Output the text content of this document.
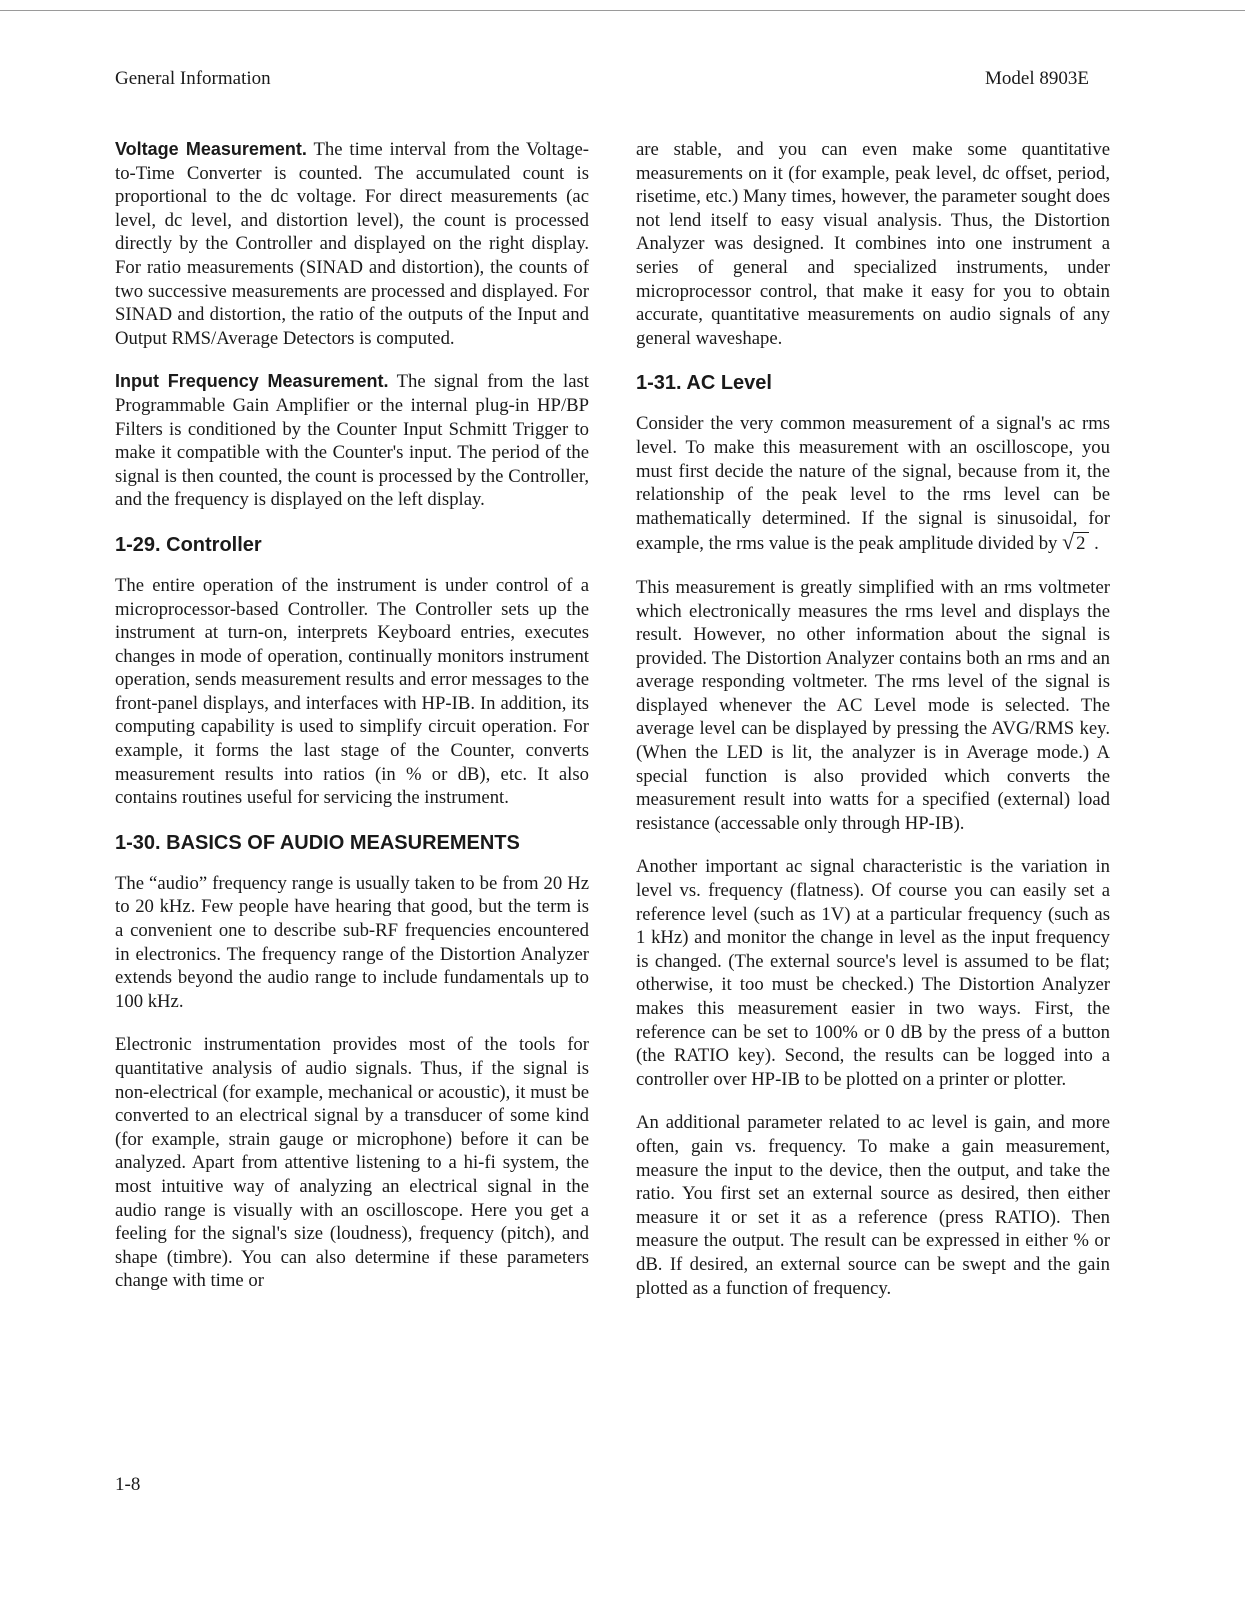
General Information	Model 8903E

Voltage Measurement. The time interval from the Voltage-to-Time Converter is counted. The accumulated count is proportional to the dc voltage. For direct measurements (ac level, dc level, and distortion level), the count is processed directly by the Controller and displayed on the right display. For ratio measurements (SINAD and distortion), the counts of two successive measurements are processed and displayed. For SINAD and distortion, the ratio of the outputs of the Input and Output RMS/Average Detectors is computed.

Input Frequency Measurement. The signal from the last Programmable Gain Amplifier or the internal plug-in HP/BP Filters is conditioned by the Counter Input Schmitt Trigger to make it compatible with the Counter's input. The period of the signal is then counted, the count is processed by the Controller, and the frequency is displayed on the left display.

1-29. Controller

The entire operation of the instrument is under control of a microprocessor-based Controller. The Controller sets up the instrument at turn-on, interprets Keyboard entries, executes changes in mode of operation, continually monitors instrument operation, sends measurement results and error messages to the front-panel displays, and interfaces with HP-IB. In addition, its computing capability is used to simplify circuit operation. For example, it forms the last stage of the Counter, converts measurement results into ratios (in % or dB), etc. It also contains routines useful for servicing the instrument.

1-30. BASICS OF AUDIO MEASUREMENTS

The “audio” frequency range is usually taken to be from 20 Hz to 20 kHz. Few people have hearing that good, but the term is a convenient one to describe sub-RF frequencies encountered in electronics. The frequency range of the Distortion Analyzer extends beyond the audio range to include fundamentals up to 100 kHz.

Electronic instrumentation provides most of the tools for quantitative analysis of audio signals. Thus, if the signal is non-electrical (for example, mechanical or acoustic), it must be converted to an electrical signal by a transducer of some kind (for example, strain gauge or microphone) before it can be analyzed. Apart from attentive listening to a hi-fi system, the most intuitive way of analyzing an electrical signal in the audio range is visually with an oscilloscope. Here you get a feeling for the signal's size (loudness), frequency (pitch), and shape (timbre). You can also determine if these parameters change with time or

are stable, and you can even make some quantitative measurements on it (for example, peak level, dc offset, period, risetime, etc.) Many times, however, the parameter sought does not lend itself to easy visual analysis. Thus, the Distortion Analyzer was designed. It combines into one instrument a series of general and specialized instruments, under microprocessor control, that make it easy for you to obtain accurate, quantitative measurements on audio signals of any general waveshape.

1-31. AC Level

Consider the very common measurement of a signal's ac rms level. To make this measurement with an oscilloscope, you must first decide the nature of the signal, because from it, the relationship of the peak level to the rms level can be mathematically determined. If the signal is sinusoidal, for example, the rms value is the peak amplitude divided by √ 2 .

This measurement is greatly simplified with an rms voltmeter which electronically measures the rms level and displays the result. However, no other information about the signal is provided. The Distortion Analyzer contains both an rms and an average responding voltmeter. The rms level of the signal is displayed whenever the AC Level mode is selected. The average level can be displayed by pressing the AVG/RMS key. (When the LED is lit, the analyzer is in Average mode.) A special function is also provided which converts the measurement result into watts for a specified (external) load resistance (accessable only through HP-IB).

Another important ac signal characteristic is the variation in level vs. frequency (flatness). Of course you can easily set a reference level (such as 1V) at a particular frequency (such as 1 kHz) and monitor the change in level as the input frequency is changed. (The external source's level is assumed to be flat; otherwise, it too must be checked.) The Distortion Analyzer makes this measurement easier in two ways. First, the reference can be set to 100% or 0 dB by the press of a button (the RATIO key). Second, the results can be logged into a controller over HP-IB to be plotted on a printer or plotter.

An additional parameter related to ac level is gain, and more often, gain vs. frequency. To make a gain measurement, measure the input to the device, then the output, and take the ratio. You first set an external source as desired, then either measure it or set it as a reference (press RATIO). Then measure the output. The result can be expressed in either % or dB. If desired, an external source can be swept and the gain plotted as a function of frequency.

1-8
